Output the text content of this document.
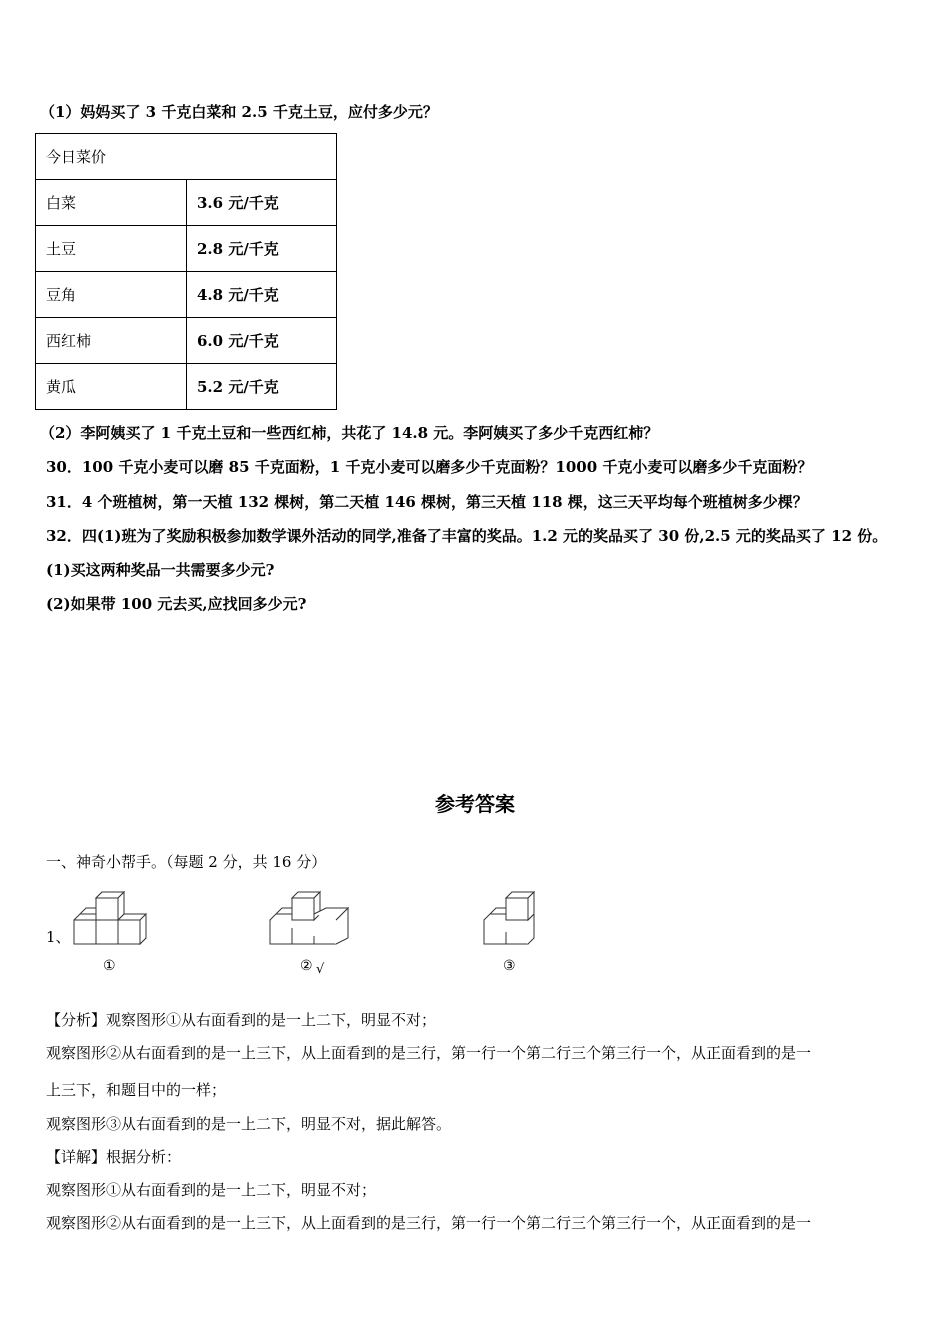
（1）妈妈买了 3 千克白菜和 2.5 千克土豆，应付多少元？
今日菜价	
白菜	3.6 元/千克
土豆	2.8 元/千克
豆角	4.8 元/千克
西红柿	6.0 元/千克
黄瓜	5.2 元/千克
（2）李阿姨买了 1 千克土豆和一些西红柿，共花了 14.8 元。李阿姨买了多少千克西红柿？
30．100 千克小麦可以磨 85 千克面粉，1 千克小麦可以磨多少千克面粉？1000 千克小麦可以磨多少千克面粉？
31．4 个班植树，第一天植 132 棵树，第二天植 146 棵树，第三天植 118 棵，这三天平均每个班植树多少棵？
32．四(1)班为了奖励积极参加数学课外活动的同学,准备了丰富的奖品。1.2 元的奖品买了 30 份,2.5 元的奖品买了 12 份。
(1)买这两种奖品一共需要多少元?
(2)如果带 100 元去买,应找回多少元?
参考答案
一、神奇小帮手。（每题 2 分，共 16 分）
1、
①	② √	③
【分析】观察图形①从右面看到的是一上二下，明显不对；
观察图形②从右面看到的是一上三下，从上面看到的是三行，第一行一个第二行三个第三行一个，从正面看到的是一
上三下，和题目中的一样；
观察图形③从右面看到的是一上二下，明显不对，据此解答。
【详解】根据分析：
观察图形①从右面看到的是一上二下，明显不对；
观察图形②从右面看到的是一上三下，从上面看到的是三行，第一行一个第二行三个第三行一个，从正面看到的是一
